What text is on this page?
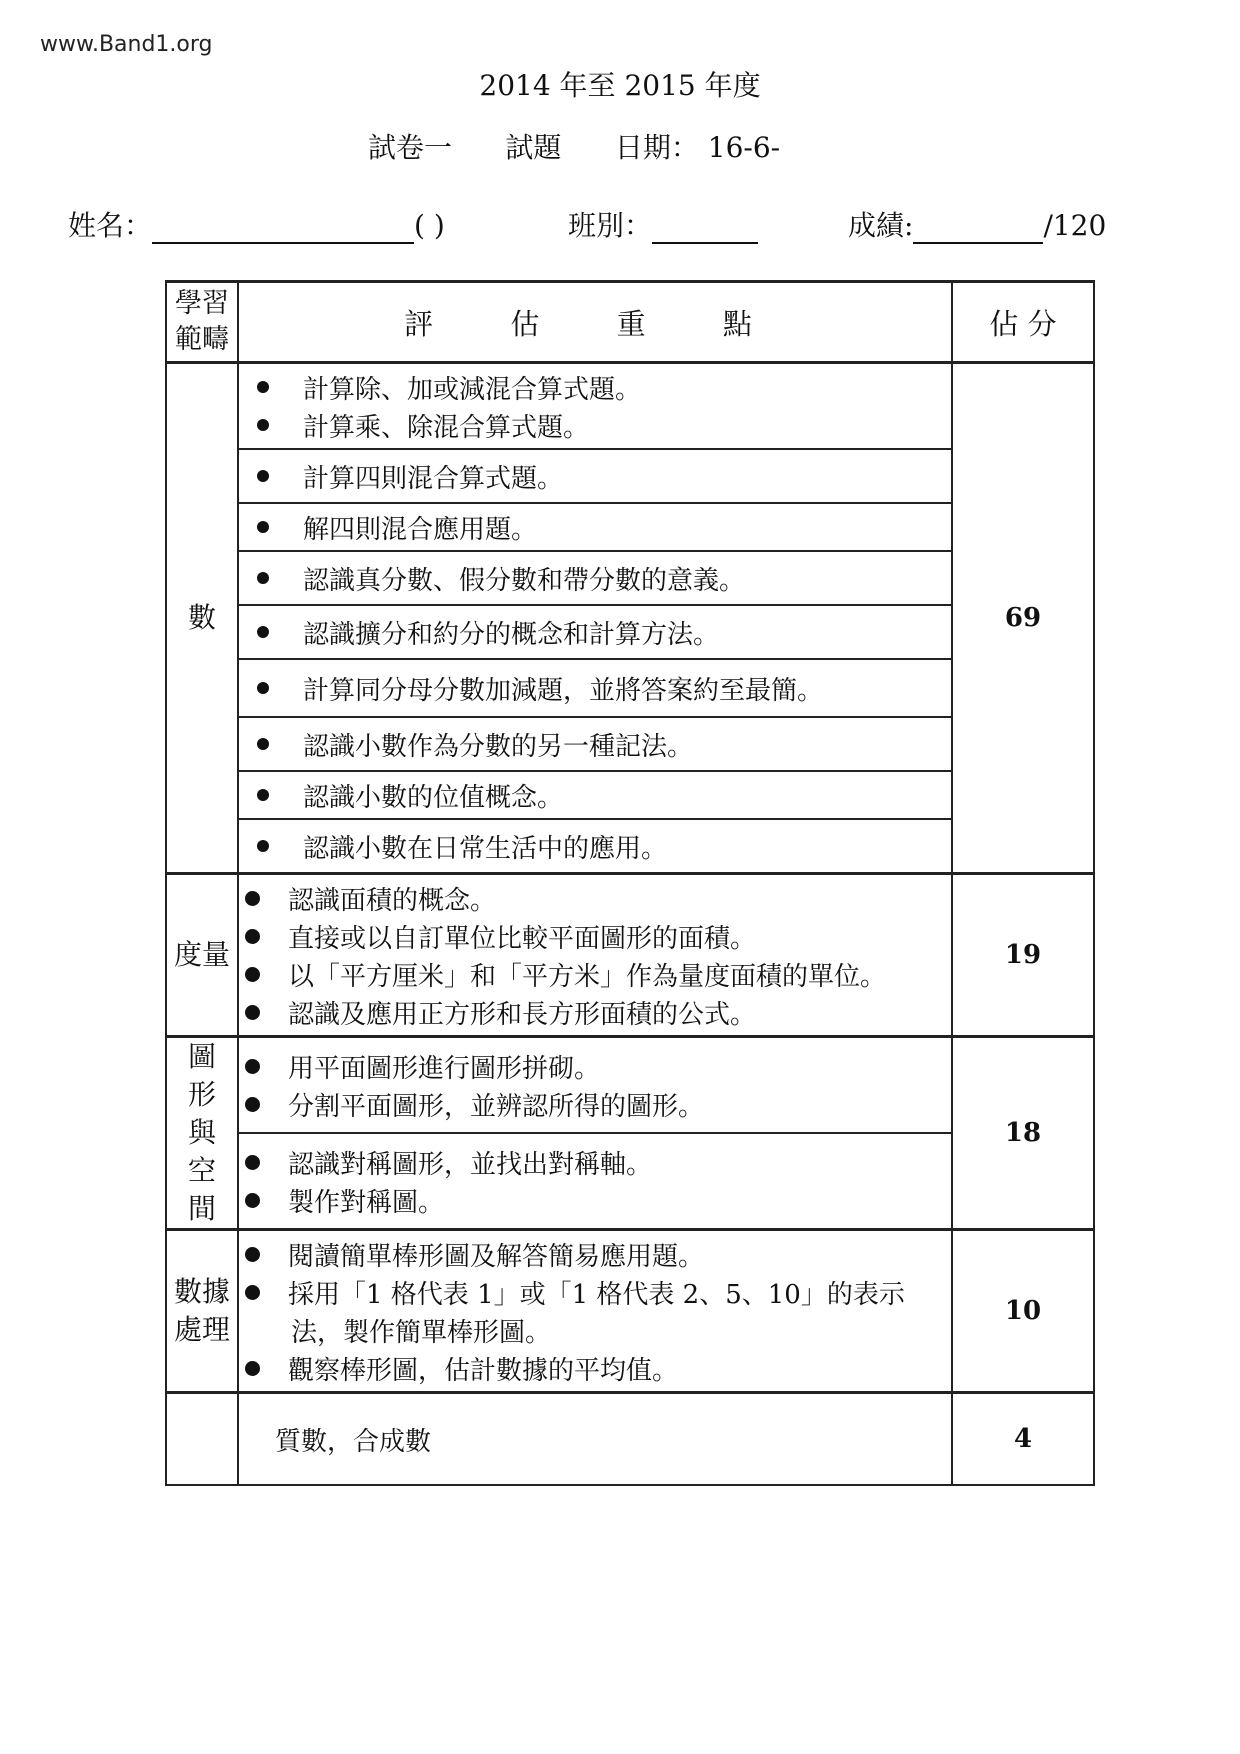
www.Band1.org
2014 年至 2015 年度
試卷一 試題 日期： 16-6-
姓名：	( )	班別：	成績:	/120
學習範疇	評 估 重 點	佔 分
數	計算除、加或減混合算式題。
計算乘、除混合算式題。	69

	計算四則混合算式題。	

	解四則混合應用題。	

	認識真分數、假分數和帶分數的意義。	

	認識擴分和約分的概念和計算方法。	

	計算同分母分數加減題，並將答案約至最簡。	

	認識小數作為分數的另一種記法。	

	認識小數的位值概念。	

	認識小數在日常生活中的應用。	

度量	認識面積的概念。
直接或以自訂單位比較平面圖形的面積。
以「平方厘米」和「平方米」作為量度面積的單位。
認識及應用正方形和長方形面積的公式。	19
圖形與空間	用平面圖形進行圖形拼砌。
分割平面圖形，並辨認所得的圖形。	18

	認識對稱圖形，並找出對稱軸。
製作對稱圖。	

數據處理	閱讀簡單棒形圖及解答簡易應用題。
採用「1 格代表 1」或「1 格代表 2、5、10」的表示
法，製作簡單棒形圖。
觀察棒形圖，估計數據的平均值。	10
	質數，合成數	4
